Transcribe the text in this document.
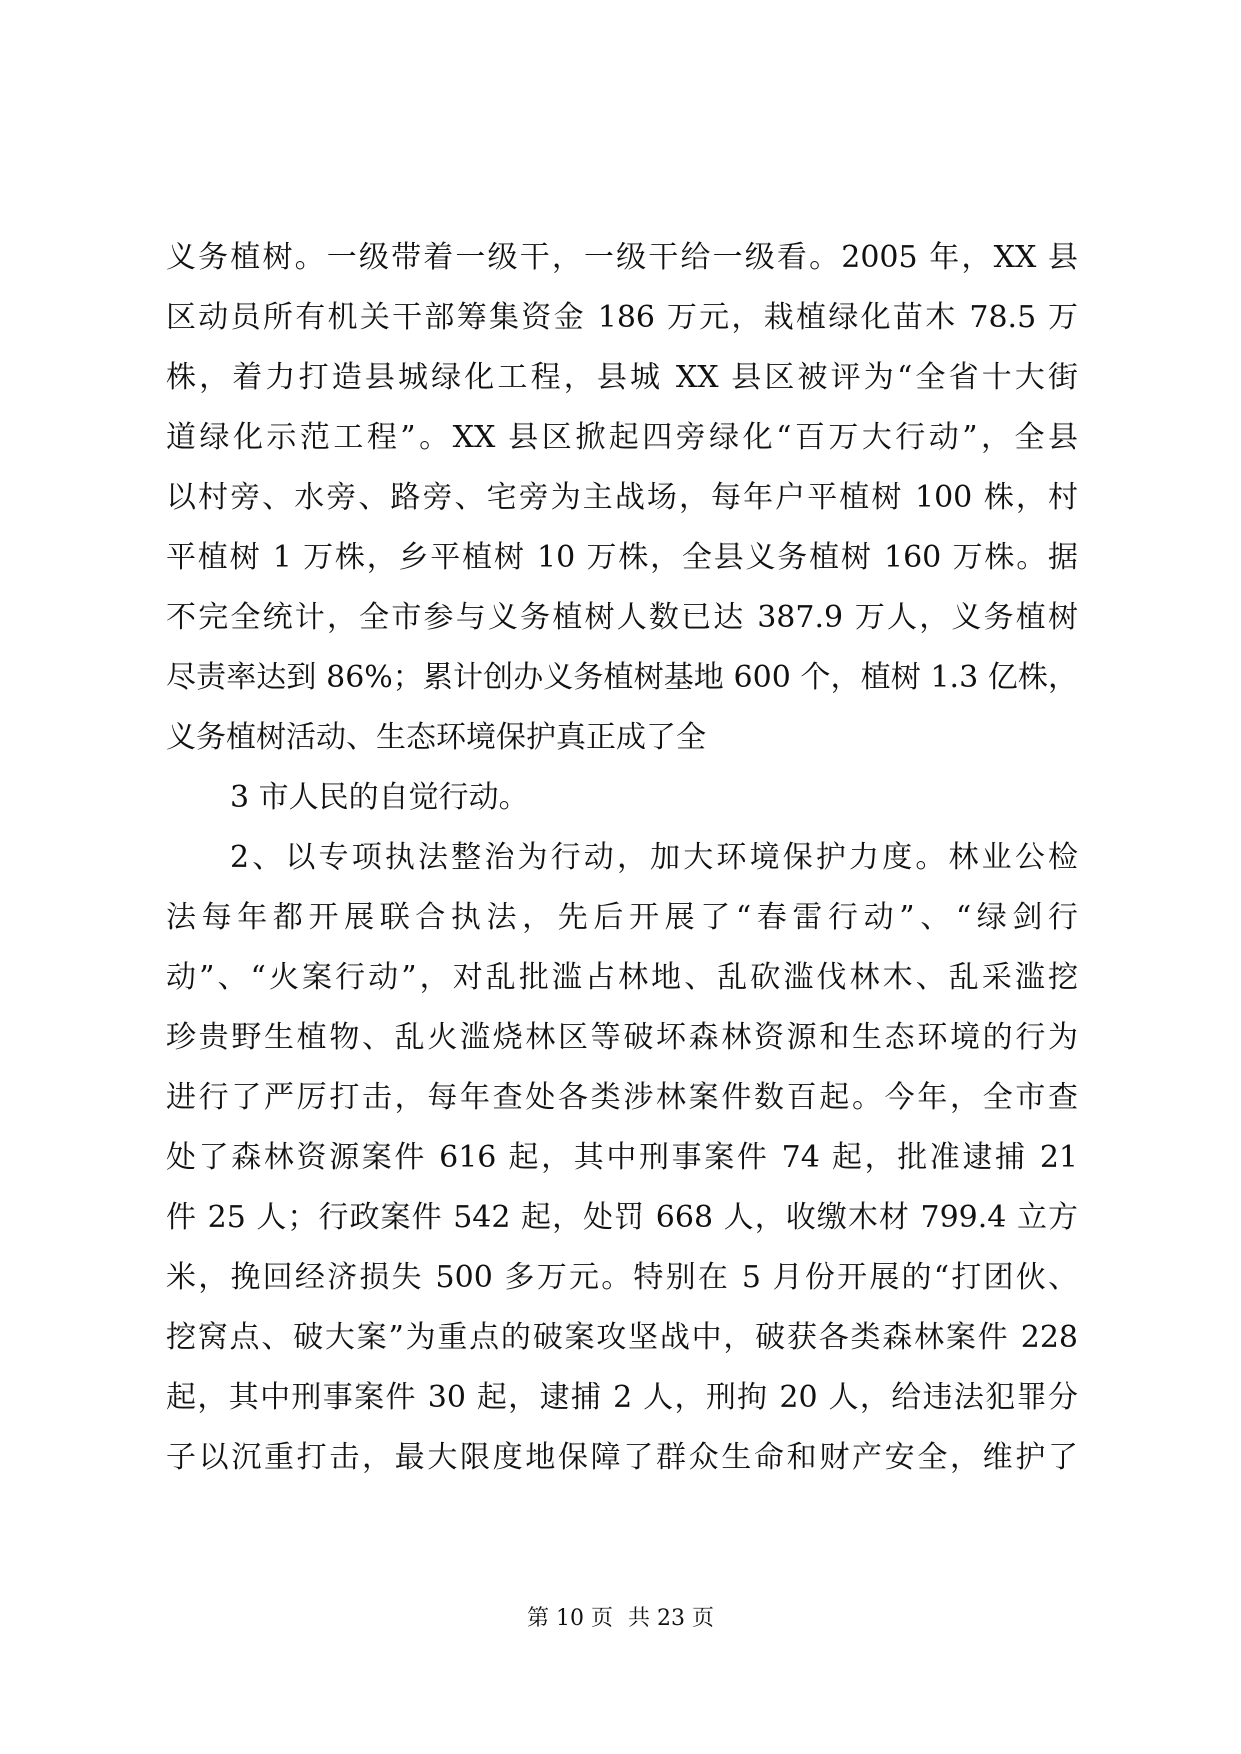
义务植树。一级带着一级干，一级干给一级看。2005 年，XX 县
区动员所有机关干部筹集资金 186 万元，栽植绿化苗木 78.5 万
株，着力打造县城绿化工程，县城 XX 县区被评为“全省十大街
道绿化示范工程”。XX 县区掀起四旁绿化“百万大行动”，全县
以村旁、水旁、路旁、宅旁为主战场，每年户平植树 100 株，村
平植树 1 万株，乡平植树 10 万株，全县义务植树 160 万株。据
不完全统计，全市参与义务植树人数已达 387.9 万人，义务植树
尽责率达到 86%；累计创办义务植树基地 600 个，植树 1.3 亿株，
义务植树活动、生态环境保护真正成了全
3 市人民的自觉行动。
2、以专项执法整治为行动，加大环境保护力度。林业公检
法每年都开展联合执法，先后开展了“春雷行动”、“绿剑行
动”、“火案行动”，对乱批滥占林地、乱砍滥伐林木、乱采滥挖
珍贵野生植物、乱火滥烧林区等破坏森林资源和生态环境的行为
进行了严厉打击，每年查处各类涉林案件数百起。今年，全市查
处了森林资源案件 616 起，其中刑事案件 74 起，批准逮捕 21
件 25 人；行政案件 542 起，处罚 668 人，收缴木材 799.4 立方
米，挽回经济损失 500 多万元。特别在 5 月份开展的“打团伙、
挖窝点、破大案”为重点的破案攻坚战中，破获各类森林案件 228
起，其中刑事案件 30 起，逮捕 2 人，刑拘 20 人，给违法犯罪分
子以沉重打击，最大限度地保障了群众生命和财产安全，维护了
第 10 页 共 23 页
